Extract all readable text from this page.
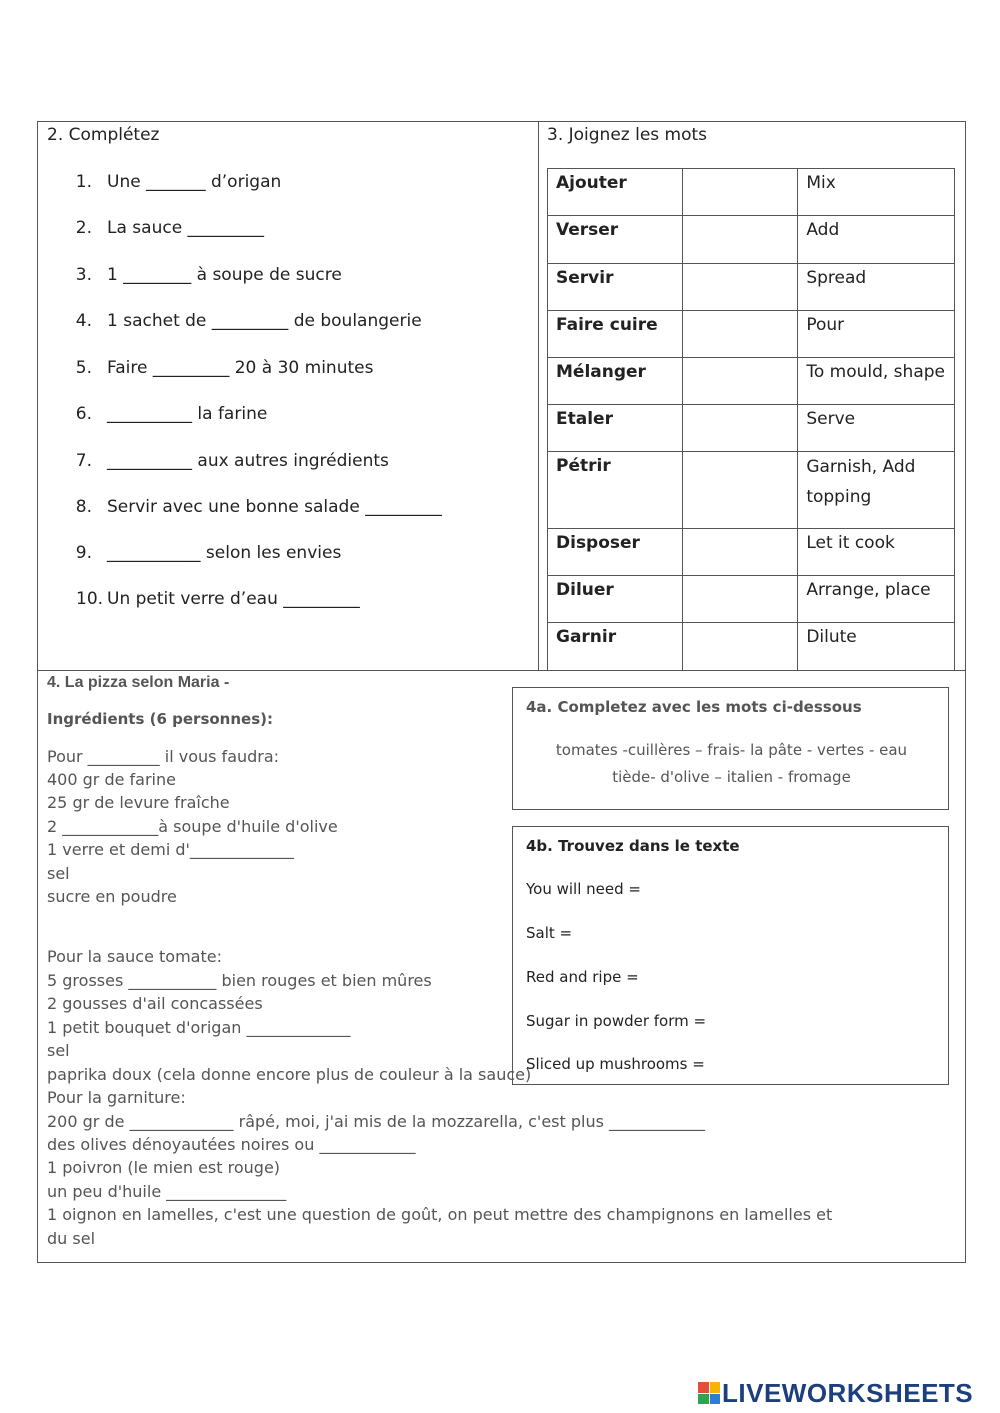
2. Complétez
1. Une _______ d’origan
2. La sauce _________
3. 1 ________ à soupe de sucre
4. 1 sachet de _________ de boulangerie
5. Faire _________ 20 à 30 minutes
6. __________ la farine
7. __________ aux autres ingrédients
8. Servir avec une bonne salade _________
9. ___________ selon les envies
10. Un petit verre d’eau _________
3. Joignez les mots
Ajouter		Mix
Verser		Add
Servir		Spread
Faire cuire		Pour
Mélanger		To mould, shape
Etaler		Serve
Pétrir		Garnish, Add
topping

Disposer		Let it cook
Diluer		Arrange, place
Garnir		Dilute
4. La pizza selon Maria -
Ingrédients (6 personnes):
Pour _________ il vous faudra:
400 gr de farine
25 gr de levure fraîche
2 ____________à soupe d'huile d'olive
1 verre et demi d'_____________
sel
sucre en poudre
Pour la sauce tomate:
5 grosses ___________ bien rouges et bien mûres
2 gousses d'ail concassées
1 petit bouquet d'origan _____________
sel
paprika doux (cela donne encore plus de couleur à la sauce)
Pour la garniture:
200 gr de _____________ râpé, moi, j'ai mis de la mozzarella, c'est plus ____________
des olives dénoyautées noires ou ____________
1 poivron (le mien est rouge)
un peu d'huile _______________
1 oignon en lamelles, c'est une question de goût, on peut mettre des champignons en lamelles et
du sel
4a. Completez avec les mots ci-dessous
tomates -cuillères – frais- la pâte - vertes - eau
tiède- d'olive – italien - fromage
4b. Trouvez dans le texte
You will need =
Salt =
Red and ripe =
Sugar in powder form =
Sliced up mushrooms =
LIVEWORKSHEETS
